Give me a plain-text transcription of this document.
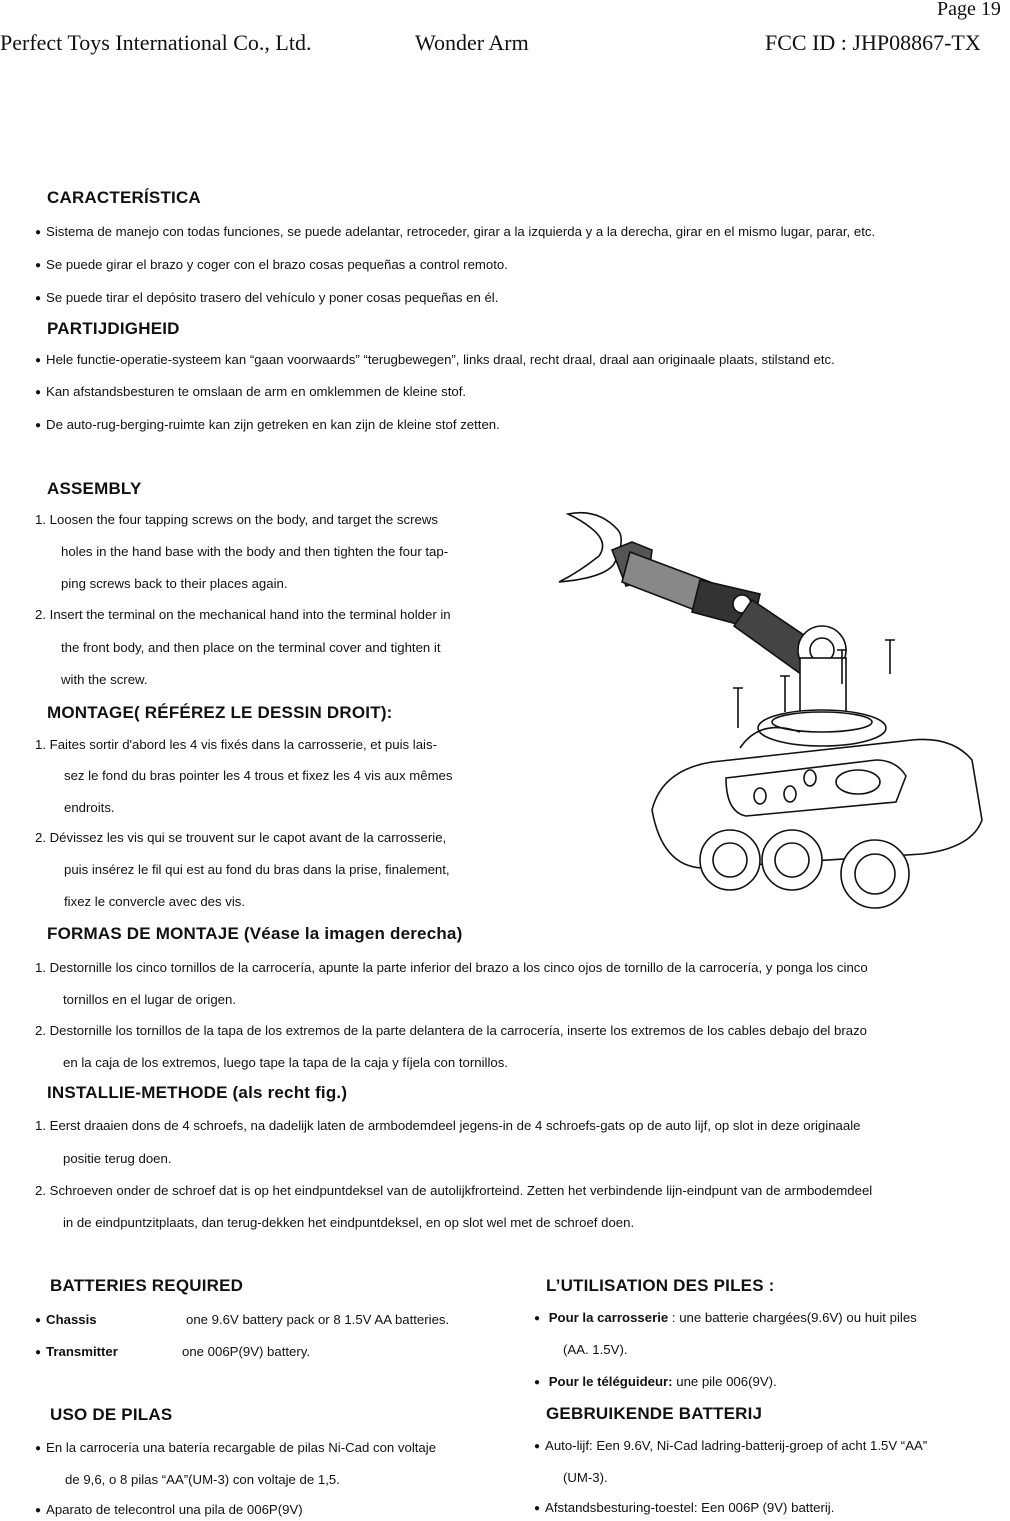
Page 19
Perfect Toys International Co., Ltd.	Wonder Arm	FCC ID : JHP08867-TX
CARACTERÍSTICA
● Sistema de manejo con todas funciones, se puede adelantar, retroceder, girar a la izquierda y a la derecha, girar en el mismo lugar, parar, etc.
● Se puede girar el brazo y coger con el brazo cosas pequeñas a control remoto.
● Se puede tirar el depósito trasero del vehículo y poner cosas pequeñas en él.
PARTIJDIGHEID
● Hele functie-operatie-systeem kan “gaan voorwaards” “terugbewegen”, links draal, recht draal, draal aan originaale plaats, stilstand etc.
● Kan afstandsbesturen te omslaan de arm en omklemmen de kleine stof.
● De auto-rug-berging-ruimte kan zijn getreken en kan zijn de kleine stof zetten.
ASSEMBLY
1. Loosen the four tapping screws on the body, and target the screws
holes in the hand base with the body and then tighten the four tap-
ping screws back to their places again.
2. Insert the terminal on the mechanical hand into the terminal holder in
the front body, and then place on the terminal cover and tighten it
with the screw.
MONTAGE( RÉFÉREZ LE DESSIN DROIT):
1. Faites sortir d'abord les 4 vis fixés dans la carrosserie, et puis lais-
sez le fond du bras pointer les 4 trous et fixez les 4 vis aux mêmes
endroits.
2. Dévissez les vis qui se trouvent sur le capot avant de la carrosserie,
puis insérez le fil qui est au fond du bras dans la prise, finalement,
fixez le convercle avec des vis.
FORMAS DE MONTAJE (Véase la imagen derecha)
1. Destornille los cinco tornillos de la carrocería, apunte la parte inferior del brazo a los cinco ojos de tornillo de la carrocería, y ponga los cinco
tornillos en el lugar de origen.
2. Destornille los tornillos de la tapa de los extremos de la parte delantera de la carrocería, inserte los extremos de los cables debajo del brazo
en la caja de los extremos, luego tape la tapa de la caja y fíjela con tornillos.
INSTALLIE-METHODE (als recht fig.)
1. Eerst draaien dons de 4 schroefs, na dadelijk laten de armbodemdeel jegens-in de 4 schroefs-gats op de auto lijf, op slot in deze originaale
positie terug doen.
2. Schroeven onder de schroef dat is op het eindpuntdeksel van de autolijkfrorteind. Zetten het verbindende lijn-eindpunt van de armbodemdeel
in de eindpuntzitplaats, dan terug-dekken het eindpuntdeksel, en op slot wel met de schroef doen.
BATTERIES REQUIRED
● Chassis	one 9.6V battery pack or 8 1.5V AA batteries.
● Transmitter	one 006P(9V) battery.
USO DE PILAS
● En la carrocería una batería recargable de pilas Ni-Cad con voltaje
de 9,6, o 8 pilas “AA”(UM-3) con voltaje de 1,5.
● Aparato de telecontrol una pila de 006P(9V)
L’UTILISATION DES PILES :
● Pour la carrosserie : une batterie chargées(9.6V) ou huit piles
(AA. 1.5V).
● Pour le téléguideur: une pile 006(9V).
GEBRUIKENDE BATTERIJ
● Auto-lijf: Een 9.6V, Ni-Cad ladring-batterij-groep of acht 1.5V “AA”
(UM-3).
● Afstandsbesturing-toestel: Een 006P (9V) batterij.
